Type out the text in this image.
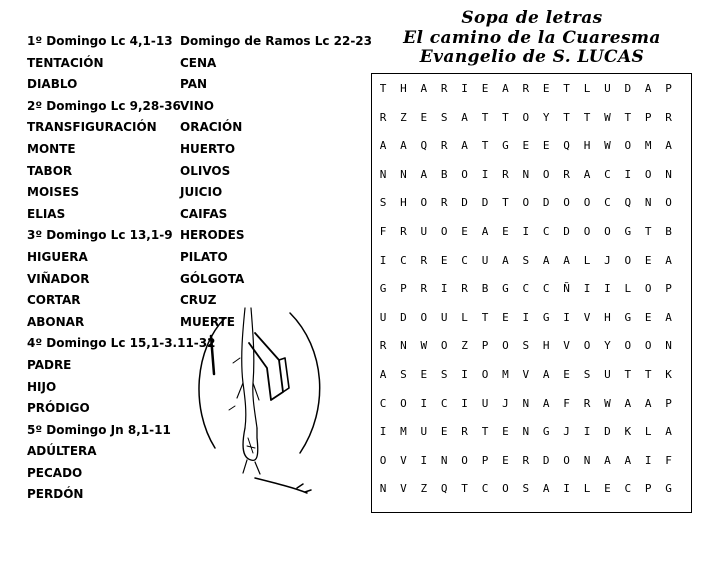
Sopa de letras
El camino de la Cuaresma
Evangelio de S. LUCAS
1º Domingo Lc 4,1-13
TENTACIÓN
DIABLO
2º Domingo Lc 9,28-36
TRANSFIGURACIÓN
MONTE
TABOR
MOISES
ELIAS
3º Domingo Lc 13,1-9
HIGUERA
VIÑADOR
CORTAR
ABONAR
4º Domingo Lc 15,1-3.11-32
PADRE
HIJO
PRÓDIGO
5º Domingo Jn 8,1-11
ADÚLTERA
PECADO
PERDÓN
Domingo de Ramos Lc 22-23
CENA
PAN
VINO
ORACIÓN
HUERTO
OLIVOS
JUICIO
CAIFAS
HERODES
PILATO
GÓLGOTA
CRUZ
MUERTE
T	H	A	R	I	E	A	R	E	T	L	U	D	A	P
R	Z	E	S	A	T	T	O	Y	T	T	W	T	P	R
A	A	Q	R	A	T	G	E	E	Q	H	W	O	M	A
N	N	A	B	O	I	R	N	O	R	A	C	I	O	N
S	H	O	R	D	D	T	O	D	O	O	C	Q	N	O
F	R	U	O	E	A	E	I	C	D	O	O	G	T	B
I	C	R	E	C	U	A	S	A	A	L	J	O	E	A
G	P	R	I	R	B	G	C	C	Ñ	I	I	L	O	P
U	D	O	U	L	T	E	I	G	I	V	H	G	E	A
R	N	W	O	Z	P	O	S	H	V	O	Y	O	O	N
A	S	E	S	I	O	M	V	A	E	S	U	T	T	K
C	O	I	C	I	U	J	N	A	F	R	W	A	A	P
I	M	U	E	R	T	E	N	G	J	I	D	K	L	A
O	V	I	N	O	P	E	R	D	O	N	A	A	I	F
N	V	Z	Q	T	C	O	S	A	I	L	E	C	P	G
